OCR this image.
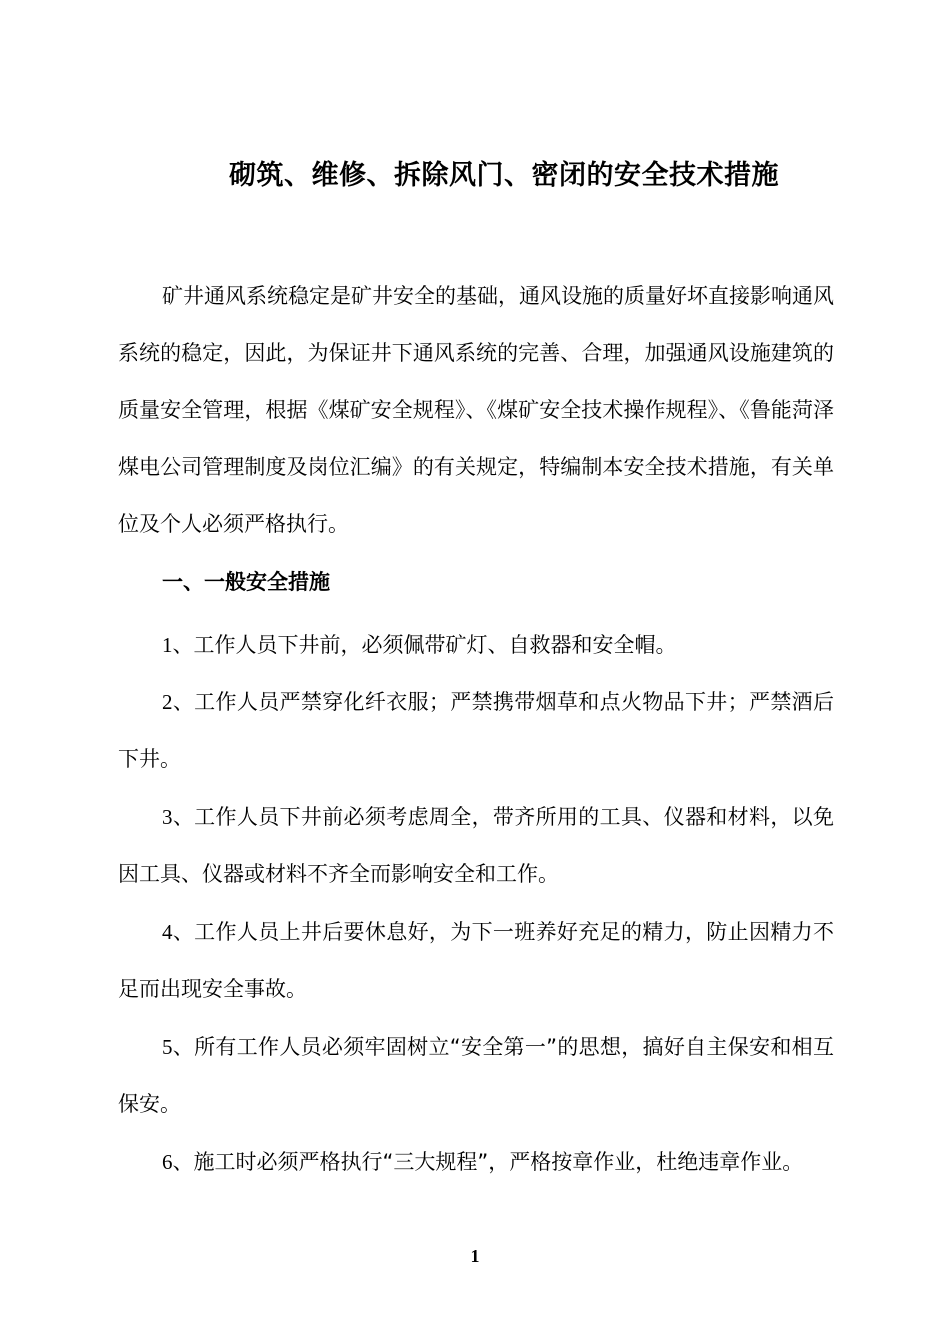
砌筑、维修、拆除风门、密闭的安全技术措施

矿井通风系统稳定是矿井安全的基础，通风设施的质量好坏直接影响通风系统的稳定，因此，为保证井下通风系统的完善、合理，加强通风设施建筑的质量安全管理，根据《煤矿安全规程》、《煤矿安全技术操作规程》、《鲁能菏泽煤电公司管理制度及岗位汇编》的有关规定，特编制本安全技术措施，有关单位及个人必须严格执行。

一、一般安全措施

1、工作人员下井前，必须佩带矿灯、自救器和安全帽。

2、工作人员严禁穿化纤衣服；严禁携带烟草和点火物品下井；严禁酒后下井。

3、工作人员下井前必须考虑周全，带齐所用的工具、仪器和材料，以免因工具、仪器或材料不齐全而影响安全和工作。

4、工作人员上井后要休息好，为下一班养好充足的精力，防止因精力不足而出现安全事故。

5、所有工作人员必须牢固树立“安全第一”的思想，搞好自主保安和相互保安。

6、施工时必须严格执行“三大规程”，严格按章作业，杜绝违章作业。

1
